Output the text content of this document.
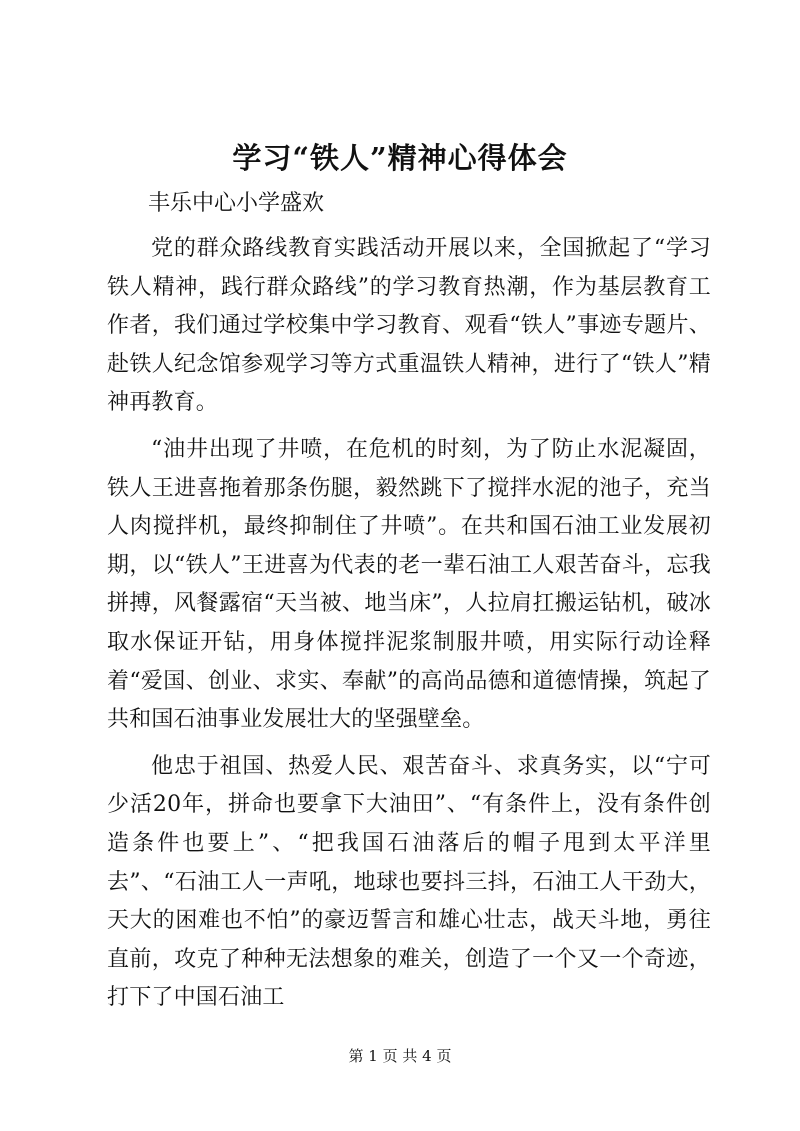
学习“铁人”精神心得体会

丰乐中心小学盛欢

党的群众路线教育实践活动开展以来，全国掀起了“学习铁人精神，践行群众路线”的学习教育热潮，作为基层教育工作者，我们通过学校集中学习教育、观看“铁人”事迹专题片、赴铁人纪念馆参观学习等方式重温铁人精神，进行了“铁人”精神再教育。

“油井出现了井喷，在危机的时刻，为了防止水泥凝固，铁人王进喜拖着那条伤腿，毅然跳下了搅拌水泥的池子，充当人肉搅拌机，最终抑制住了井喷”。在共和国石油工业发展初期，以“铁人”王进喜为代表的老一辈石油工人艰苦奋斗，忘我拼搏，风餐露宿“天当被、地当床”，人拉肩扛搬运钻机，破冰取水保证开钻，用身体搅拌泥浆制服井喷，用实际行动诠释着“爱国、创业、求实、奉献”的高尚品德和道德情操，筑起了共和国石油事业发展壮大的坚强壁垒。

他忠于祖国、热爱人民、艰苦奋斗、求真务实，以“宁可少活20年，拼命也要拿下大油田”、“有条件上，没有条件创造条件也要上”、“把我国石油落后的帽子甩到太平洋里去”、“石油工人一声吼，地球也要抖三抖，石油工人干劲大，天大的困难也不怕”的豪迈誓言和雄心壮志，战天斗地，勇往直前，攻克了种种无法想象的难关，创造了一个又一个奇迹，打下了中国石油工

第 1 页 共 4 页
